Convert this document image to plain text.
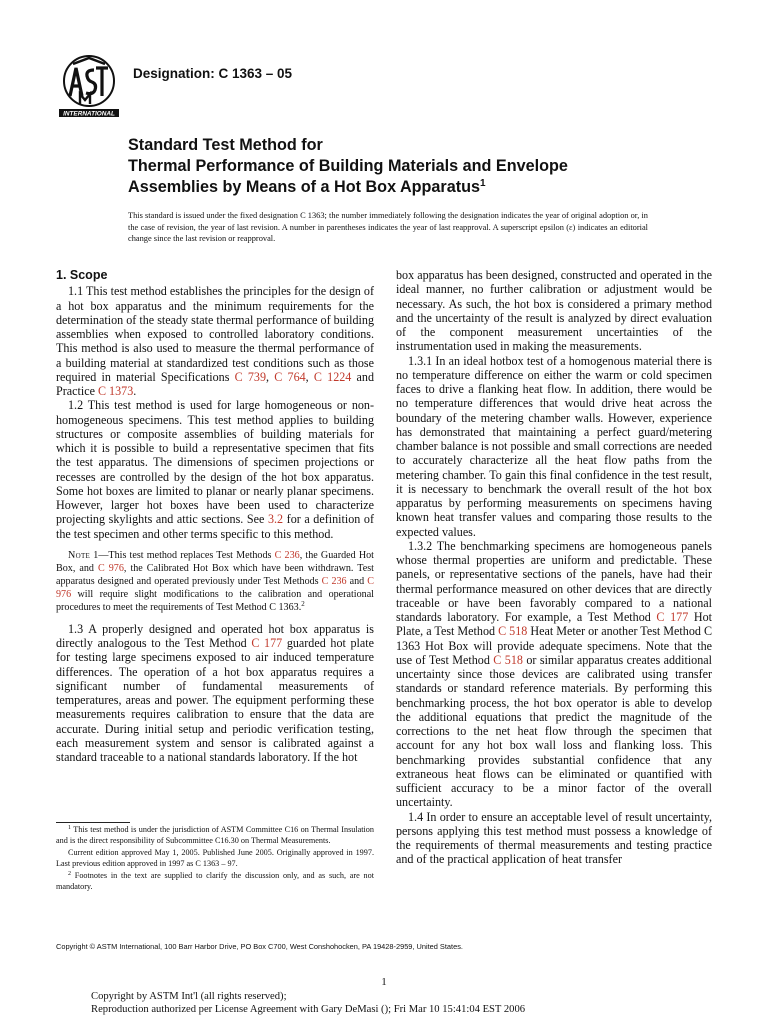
INTERNATIONAL
Designation: C 1363 – 05
Standard Test Method for
Thermal Performance of Building Materials and Envelope
Assemblies by Means of a Hot Box Apparatus$^1$
This standard is issued under the fixed designation C 1363; the number immediately following the designation indicates the year of original adoption or, in the case of revision, the year of last revision. A number in parentheses indicates the year of last reapproval. A superscript epsilon (ε) indicates an editorial change since the last revision or reapproval.
1. Scope

1.1 This test method establishes the principles for the design of a hot box apparatus and the minimum requirements for the determination of the steady state thermal performance of building assemblies when exposed to controlled laboratory conditions. This method is also used to measure the thermal performance of a building material at standardized test conditions such as those required in material Specifications C 739, C 764, C 1224 and Practice C 1373.

1.2 This test method is used for large homogeneous or non-homogeneous specimens. This test method applies to building structures or composite assemblies of building materials for which it is possible to build a representative specimen that fits the test apparatus. The dimensions of specimen projections or recesses are controlled by the design of the hot box apparatus. Some hot boxes are limited to planar or nearly planar specimens. However, larger hot boxes have been used to characterize projecting skylights and attic sections. See 3.2 for a definition of the test specimen and other terms specific to this method.

Note 1—This test method replaces Test Methods C 236, the Guarded Hot Box, and C 976, the Calibrated Hot Box which have been withdrawn. Test apparatus designed and operated previously under Test Methods C 236 and C 976 will require slight modifications to the calibration and operational procedures to meet the requirements of Test Method C 1363.$^2$

1.3 A properly designed and operated hot box apparatus is directly analogous to the Test Method C 177 guarded hot plate for testing large specimens exposed to air induced temperature differences. The operation of a hot box apparatus requires a significant number of fundamental measurements of temperatures, areas and power. The equipment performing these measurements requires calibration to ensure that the data are accurate. During initial setup and periodic verification testing, each measurement system and sensor is calibrated against a standard traceable to a national standards laboratory. If the hot

box apparatus has been designed, constructed and operated in the ideal manner, no further calibration or adjustment would be necessary. As such, the hot box is considered a primary method and the uncertainty of the result is analyzed by direct evaluation of the component measurement uncertainties of the instrumentation used in making the measurements.

1.3.1 In an ideal hotbox test of a homogenous material there is no temperature difference on either the warm or cold specimen faces to drive a flanking heat flow. In addition, there would be no temperature differences that would drive heat across the boundary of the metering chamber walls. However, experience has demonstrated that maintaining a perfect guard/metering chamber balance is not possible and small corrections are needed to accurately characterize all the heat flow paths from the metering chamber. To gain this final confidence in the test result, it is necessary to benchmark the overall result of the hot box apparatus by performing measurements on specimens having known heat transfer values and comparing those results to the expected values.

1.3.2 The benchmarking specimens are homogeneous panels whose thermal properties are uniform and predictable. These panels, or representative sections of the panels, have had their thermal performance measured on other devices that are directly traceable or have been favorably compared to a national standards laboratory. For example, a Test Method C 177 Hot Plate, a Test Method C 518 Heat Meter or another Test Method C 1363 Hot Box will provide adequate specimens. Note that the use of Test Method C 518 or similar apparatus creates additional uncertainty since those devices are calibrated using transfer standards or standard reference materials. By performing this benchmarking process, the hot box operator is able to develop the additional equations that predict the magnitude of the corrections to the net heat flow through the specimen that account for any hot box wall loss and flanking loss. This benchmarking provides substantial confidence that any extraneous heat flows can be eliminated or quantified with sufficient accuracy to be a minor factor of the overall uncertainty.

1.4 In order to ensure an acceptable level of result uncertainty, persons applying this test method must possess a knowledge of the requirements of thermal measurements and testing practice and of the practical application of heat transfer

$^1$ This test method is under the jurisdiction of ASTM Committee C16 on Thermal Insulation and is the direct responsibility of Subcommittee C16.30 on Thermal Measurements.

Current edition approved May 1, 2005. Published June 2005. Originally approved in 1997. Last previous edition approved in 1997 as C 1363 – 97.

$^2$ Footnotes in the text are supplied to clarify the discussion only, and as such, are not mandatory.

Copyright © ASTM International, 100 Barr Harbor Drive, PO Box C700, West Conshohocken, PA 19428-2959, United States.
1
Copyright by ASTM Int'l (all rights reserved);
Reproduction authorized per License Agreement with Gary DeMasi (); Fri Mar 10 15:41:04 EST 2006
